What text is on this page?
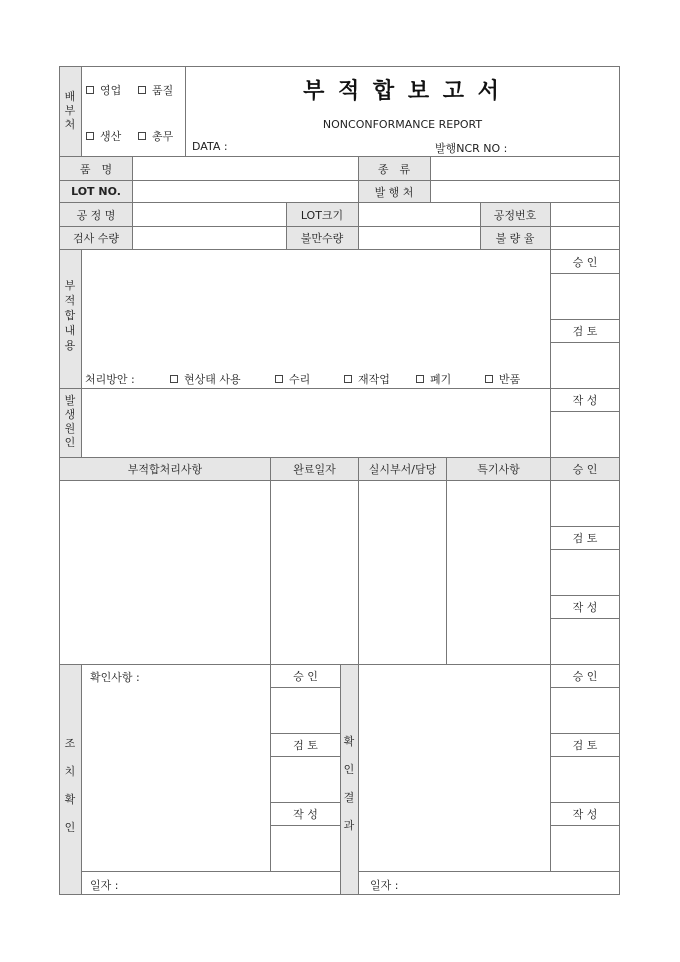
배부처
영업	품질
생산	총무
부 적 합 보 고 서
NONCONFORMANCE REPORT
DATA :	발행NCR NO :
품　명	종　류
LOT NO.	발 행 처
공 정 명	LOT크기	공정번호
검사 수량	불만수량	불 량 율
부적합내용
처리방안 :	현상태 사용	수리	재작업	폐기	반품
발생원인
승 인
검 토
작 성
부적합처리사항	완료일자	실시부서/담당	특기사항	승 인
검 토
작 성
조치확인
확인사항 :	승 인
검 토
작 성
확인결과
승 인
검 토
작 성
일자 :	일자 :
